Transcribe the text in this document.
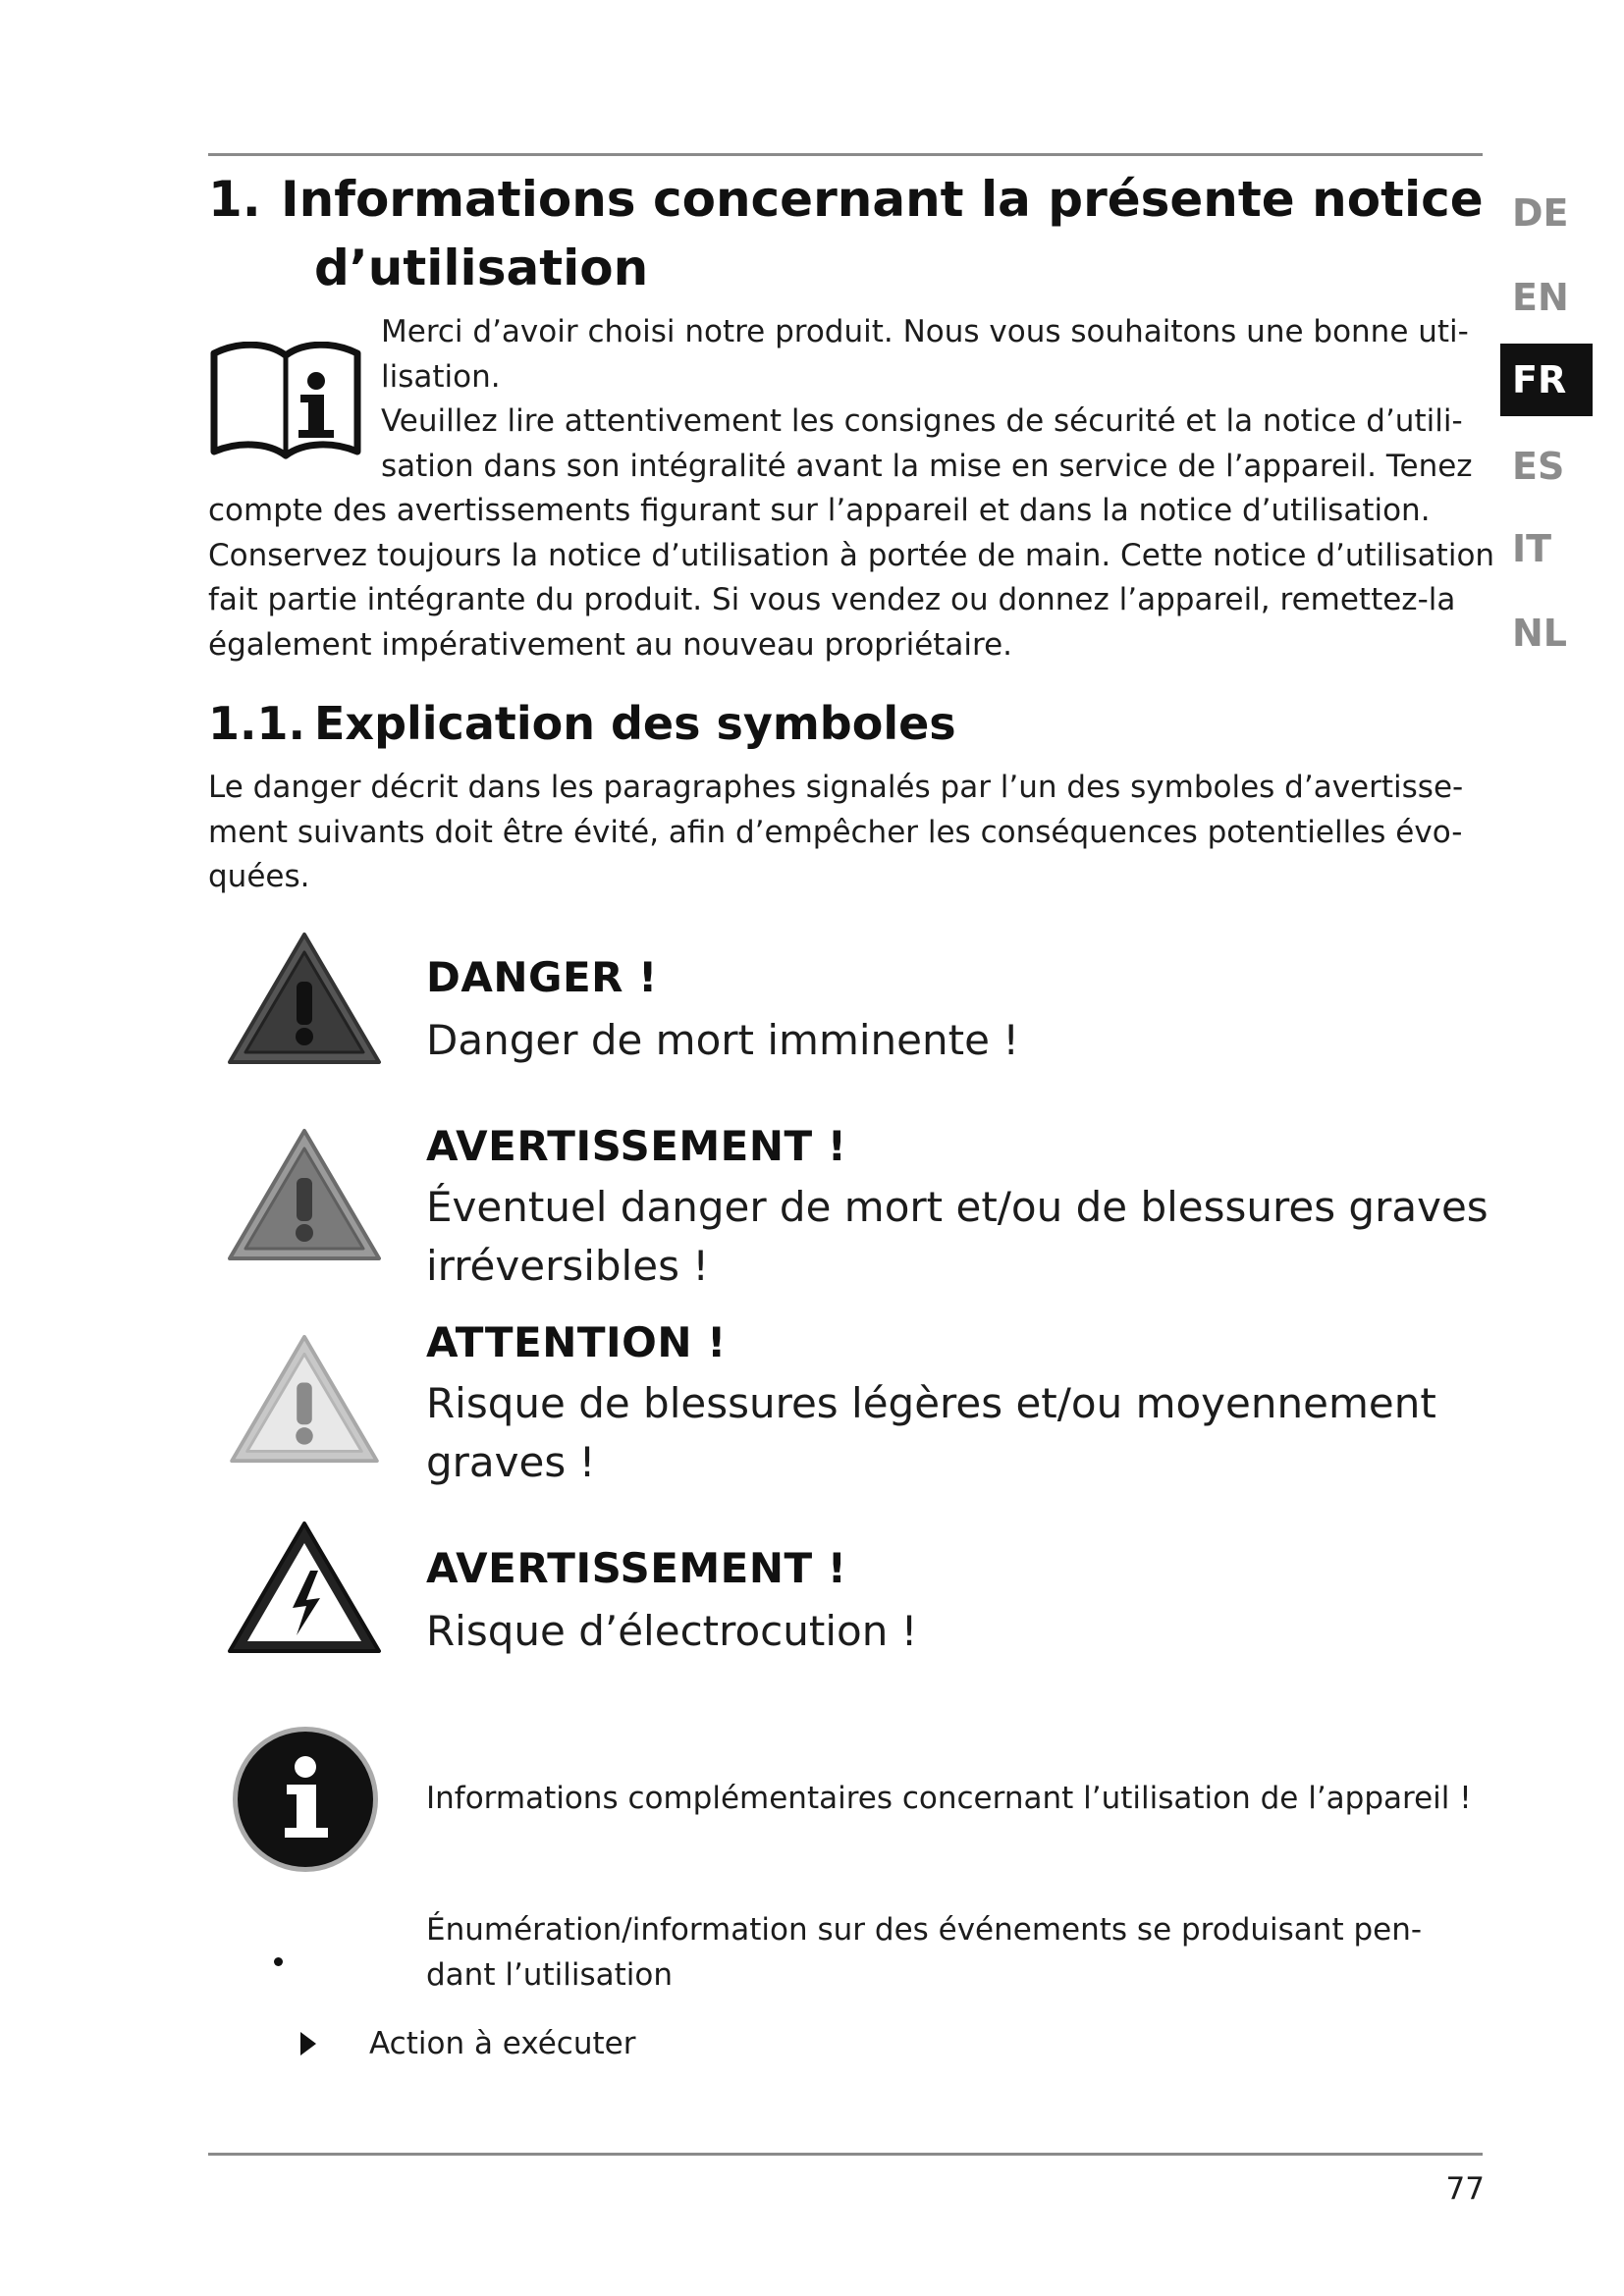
1. Informations concernant la présente notice
d’utilisation
Merci d’avoir choisi notre produit. Nous vous souhaitons une bonne uti-
lisation.
Veuillez lire attentivement les consignes de sécurité et la notice d’utili-
sation dans son intégralité avant la mise en service de l’appareil. Tenez
compte des avertissements figurant sur l’appareil et dans la notice d’utilisation.
Conservez toujours la notice d’utilisation à portée de main. Cette notice d’utilisation
fait partie intégrante du produit. Si vous vendez ou donnez l’appareil, remettez-la
également impérativement au nouveau propriétaire.
1.1. Explication des symboles
Le danger décrit dans les paragraphes signalés par l’un des symboles d’avertisse-
ment suivants doit être évité, afin d’empêcher les conséquences potentielles évo-
quées.
DANGER !
Danger de mort imminente !
AVERTISSEMENT !
Éventuel danger de mort et/ou de blessures graves
irréversibles !
ATTENTION !
Risque de blessures légères et/ou moyennement
graves !
AVERTISSEMENT !
Risque d’électrocution !
Informations complémentaires concernant l’utilisation de l’appareil !
Énumération/information sur des événements se produisant pen-
dant l’utilisation
Action à exécuter
DE
EN
FR
ES
IT
NL
77
